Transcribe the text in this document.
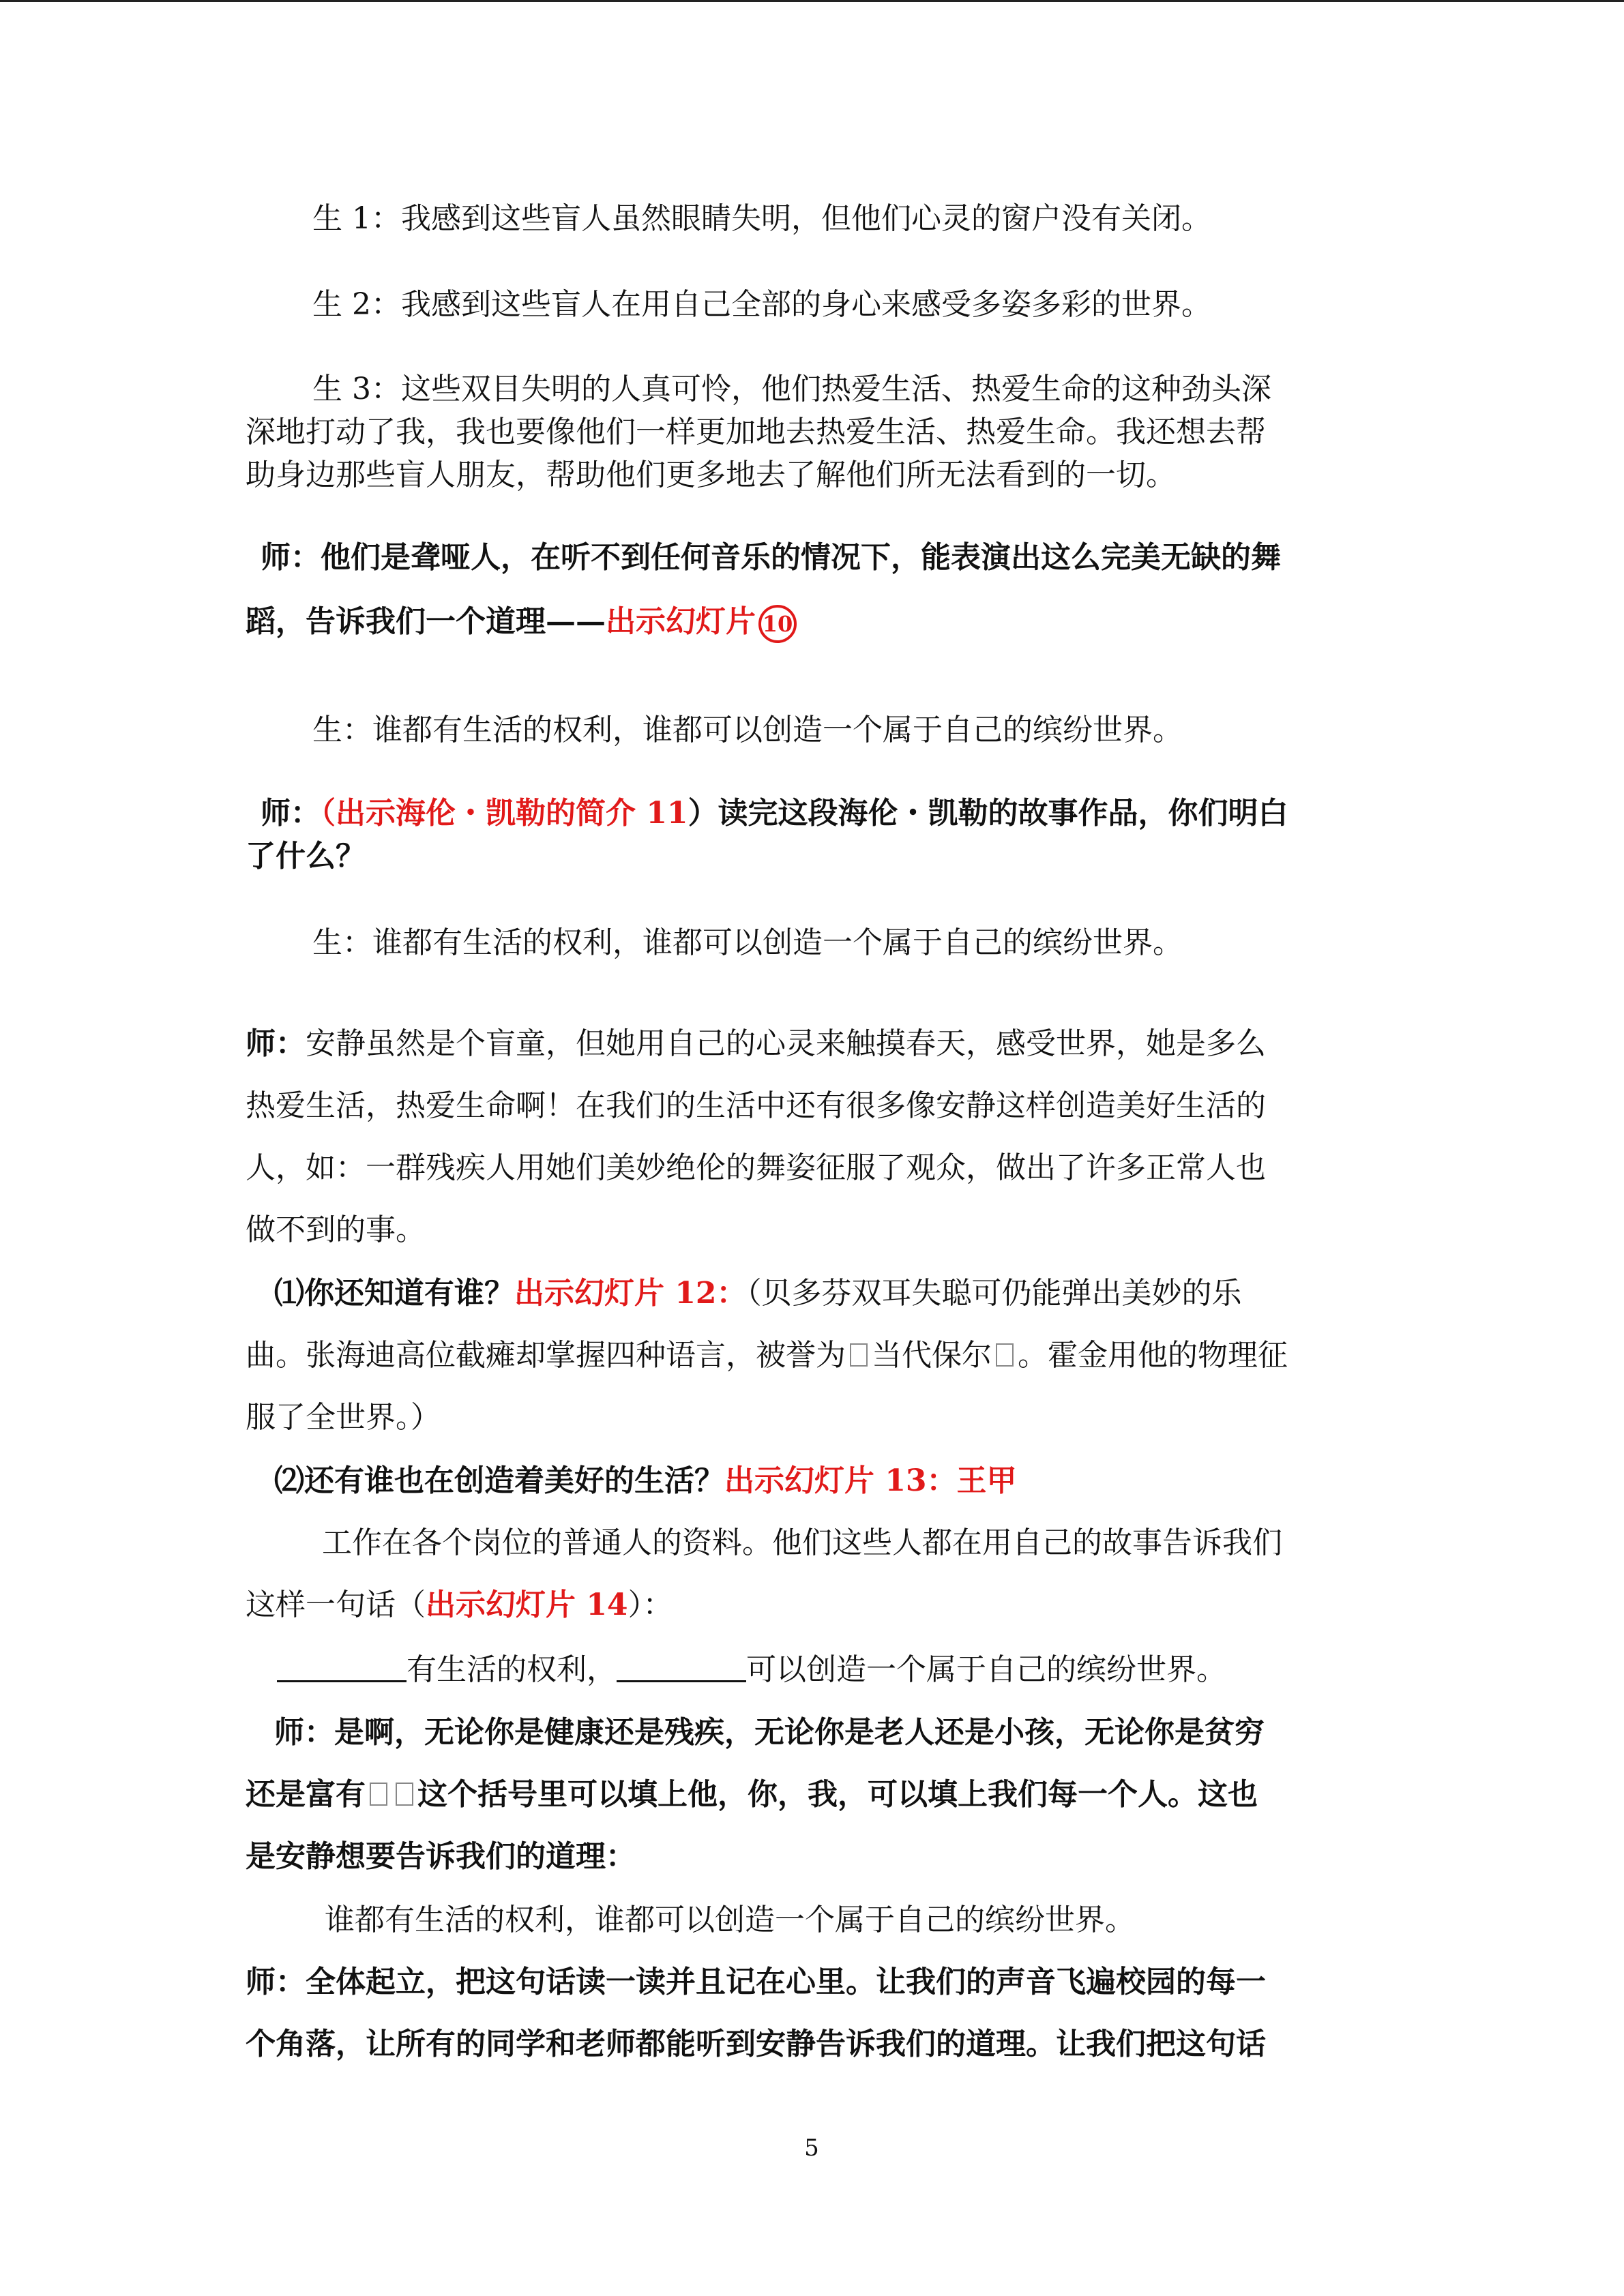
生 1：我感到这些盲人虽然眼睛失明，但他们心灵的窗户没有关闭。
生 2：我感到这些盲人在用自己全部的身心来感受多姿多彩的世界。
生 3：这些双目失明的人真可怜，他们热爱生活、热爱生命的这种劲头深
深地打动了我，我也要像他们一样更加地去热爱生活、热爱生命。我还想去帮
助身边那些盲人朋友，帮助他们更多地去了解他们所无法看到的一切。
师：他们是聋哑人，在听不到任何音乐的情况下，能表演出这么完美无缺的舞
蹈，告诉我们一个道理——出示幻灯片 10
生：谁都有生活的权利，谁都可以创造一个属于自己的缤纷世界。
师：（出示海伦・凯勒的简介 11）读完这段海伦・凯勒的故事作品，你们明白
了什么？
生：谁都有生活的权利，谁都可以创造一个属于自己的缤纷世界。
师：安静虽然是个盲童，但她用自己的心灵来触摸春天，感受世界，她是多么
热爱生活，热爱生命啊！在我们的生活中还有很多像安静这样创造美好生活的
人，如：一群残疾人用她们美妙绝伦的舞姿征服了观众，做出了许多正常人也
做不到的事。
⑴你还知道有谁？出示幻灯片 12：（贝多芬双耳失聪可仍能弹出美妙的乐
曲。张海迪高位截瘫却掌握四种语言，被誉为 当代保尔 。霍金用他的物理征
服了全世界。）
⑵还有谁也在创造着美好的生活？出示幻灯片 13：王甲
工作在各个岗位的普通人的资料。他们这些人都在用自己的故事告诉我们
这样一句话（出示幻灯片 14）：
有生活的权利，	可以创造一个属于自己的缤纷世界。
师：是啊，无论你是健康还是残疾，无论你是老人还是小孩，无论你是贫穷
还是富有 这个括号里可以填上他，你，我，可以填上我们每一个人。这也
是安静想要告诉我们的道理：
谁都有生活的权利，谁都可以创造一个属于自己的缤纷世界。
师：全体起立，把这句话读一读并且记在心里。让我们的声音飞遍校园的每一
个角落，让所有的同学和老师都能听到安静告诉我们的道理。让我们把这句话
5
